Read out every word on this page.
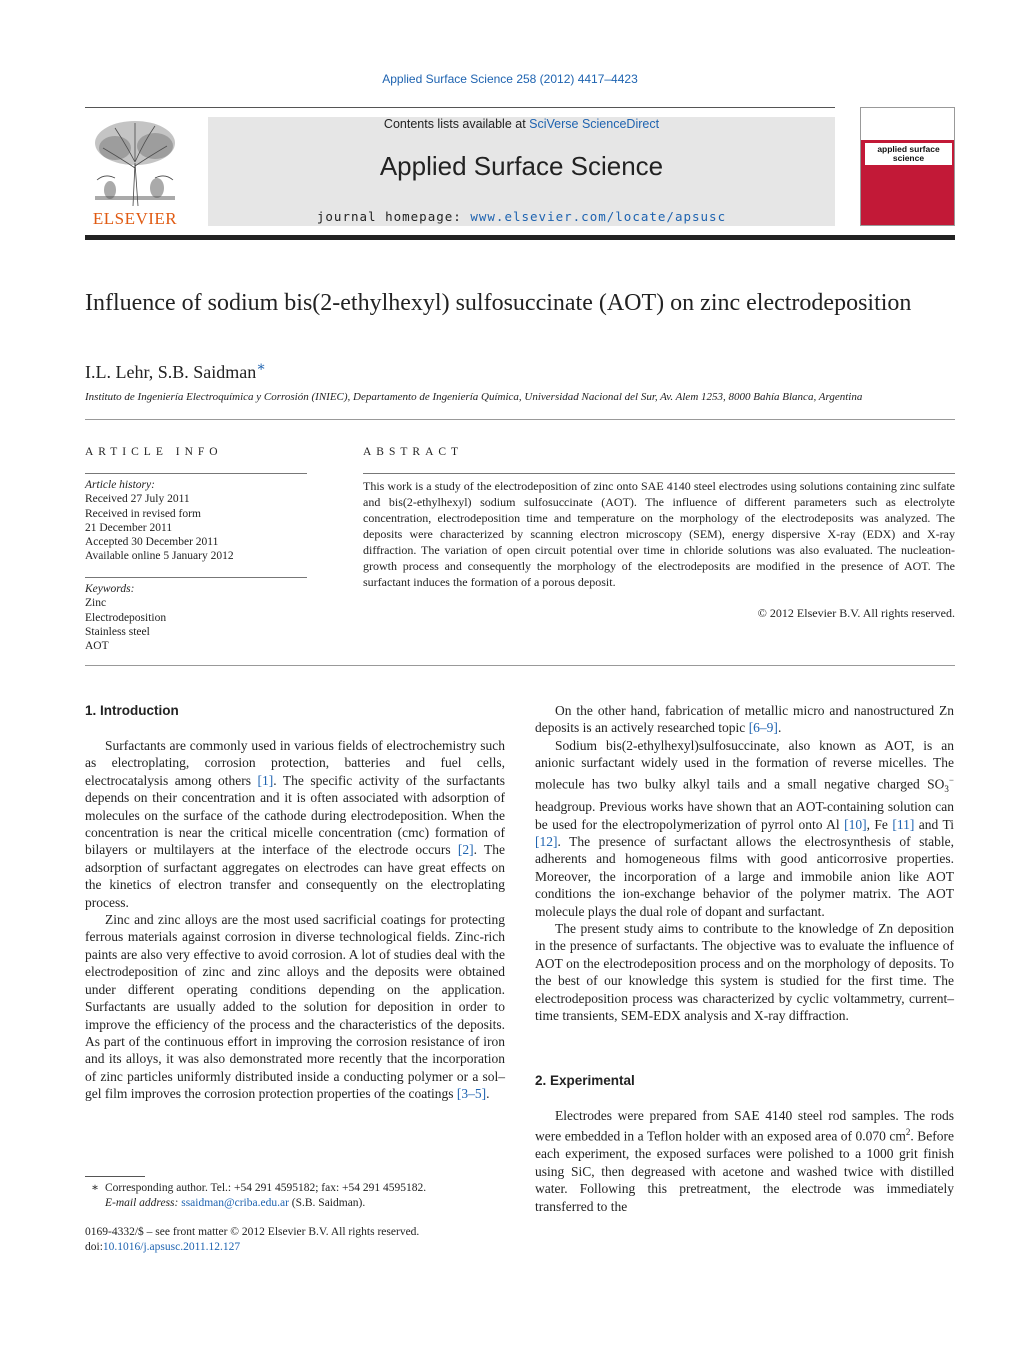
Applied Surface Science 258 (2012) 4417–4423
ELSEVIER
Contents lists available at SciVerse ScienceDirect
Applied Surface Science
journal homepage: www.elsevier.com/locate/apsusc
applied surface science
Influence of sodium bis(2-ethylhexyl) sulfosuccinate (AOT) on zinc electrodeposition
I.L. Lehr, S.B. Saidman∗
Instituto de Ingeniería Electroquímica y Corrosión (INIEC), Departamento de Ingeniería Química, Universidad Nacional del Sur, Av. Alem 1253, 8000 Bahía Blanca, Argentina
ARTICLE INFO
Article history:
Received 27 July 2011
Received in revised form
21 December 2011
Accepted 30 December 2011
Available online 5 January 2012
Keywords:
Zinc
Electrodeposition
Stainless steel
AOT
ABSTRACT
This work is a study of the electrodeposition of zinc onto SAE 4140 steel electrodes using solutions containing zinc sulfate and bis(2-ethylhexyl) sodium sulfosuccinate (AOT). The influence of different parameters such as electrolyte concentration, electrodeposition time and temperature on the morphology of the electrodeposits was analyzed. The deposits were characterized by scanning electron microscopy (SEM), energy dispersive X-ray (EDX) and X-ray diffraction. The variation of open circuit potential over time in chloride solutions was also evaluated. The nucleation-growth process and consequently the morphology of the electrodeposits are modified in the presence of AOT. The surfactant induces the formation of a porous deposit.
© 2012 Elsevier B.V. All rights reserved.
1. Introduction

Surfactants are commonly used in various fields of electrochemistry such as electroplating, corrosion protection, batteries and fuel cells, electrocatalysis among others [1]. The specific activity of the surfactants depends on their concentration and it is often associated with adsorption of molecules on the surface of the cathode during electrodeposition. When the concentration is near the critical micelle concentration (cmc) formation of bilayers or multilayers at the interface of the electrode occurs [2]. The adsorption of surfactant aggregates on electrodes can have great effects on the kinetics of electron transfer and consequently on the electroplating process.

Zinc and zinc alloys are the most used sacrificial coatings for protecting ferrous materials against corrosion in diverse technological fields. Zinc-rich paints are also very effective to avoid corrosion. A lot of studies deal with the electrodeposition of zinc and zinc alloys and the deposits were obtained under different operating conditions depending on the application. Surfactants are usually added to the solution for deposition in order to improve the efficiency of the process and the characteristics of the deposits. As part of the continuous effort in improving the corrosion resistance of iron and its alloys, it was also demonstrated more recently that the incorporation of zinc particles uniformly distributed inside a conducting polymer or a sol–gel film improves the corrosion protection properties of the coatings [3–5].

∗ Corresponding author. Tel.: +54 291 4595182; fax: +54 291 4595182.
E-mail address: ssaidman@criba.edu.ar (S.B. Saidman).
0169-4332/$ – see front matter © 2012 Elsevier B.V. All rights reserved.
doi:10.1016/j.apsusc.2011.12.127

On the other hand, fabrication of metallic micro and nanostructured Zn deposits is an actively researched topic [6–9].

Sodium bis(2-ethylhexyl)sulfosuccinate, also known as AOT, is an anionic surfactant widely used in the formation of reverse micelles. The molecule has two bulky alkyl tails and a small negative charged $SO_3^-$ headgroup. Previous works have shown that an AOT-containing solution can be used for the electropolymerization of pyrrol onto Al [10], Fe [11] and Ti [12]. The presence of surfactant allows the electrosynthesis of stable, adherents and homogeneous films with good anticorrosive properties. Moreover, the incorporation of a large and immobile anion like AOT conditions the ion-exchange behavior of the polymer matrix. The AOT molecule plays the dual role of dopant and surfactant.

The present study aims to contribute to the knowledge of Zn deposition in the presence of surfactants. The objective was to evaluate the influence of AOT on the electrodeposition process and on the morphology of deposits. To the best of our knowledge this system is studied for the first time. The electrodeposition process was characterized by cyclic voltammetry, current–time transients, SEM-EDX analysis and X-ray diffraction.

2. Experimental

Electrodes were prepared from SAE 4140 steel rod samples. The rods were embedded in a Teflon holder with an exposed area of 0.070 $cm^2$. Before each experiment, the exposed surfaces were polished to a 1000 grit finish using SiC, then degreased with acetone and washed twice with distilled water. Following this pretreatment, the electrode was immediately transferred to the
